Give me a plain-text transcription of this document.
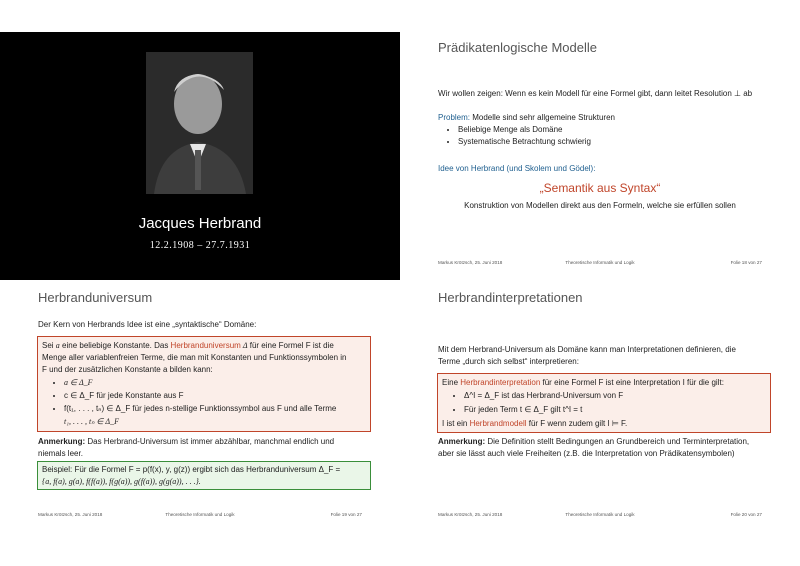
Jacques Herbrand

12.2.1908 – 27.7.1931

Prädikatenlogische Modelle

Wir wollen zeigen: Wenn es kein Modell für eine Formel gibt, dann leitet Resolution ⊥ ab

Problem: Modelle sind sehr allgemeine Strukturen

• Beliebige Menge als Domäne
• Systematische Betrachtung schwierig

Idee von Herbrand (und Skolem und Gödel):

„Semantik aus Syntax“

Konstruktion von Modellen direkt aus den Formeln, welche sie erfüllen sollen

Markus Krötzsch, 25. Juni 2018	Theoretische Informatik und Logik	Folie 18 von 27

Herbranduniversum

Der Kern von Herbrands Idee ist eine „syntaktische“ Domäne:

Sei a eine beliebige Konstante. Das Herbranduniversum Δ für eine Formel F ist die

Menge aller variablenfreien Terme, die man mit Konstanten und Funktionssymbolen in

F und der zusätzlichen Konstante a bilden kann:

• a ∈ Δ_F
• c ∈ Δ_F für jede Konstante aus F
• f(t₁, . . . , tₙ) ∈ Δ_F für jedes n-stellige Funktionssymbol aus F und alle Terme

t₁, . . . , tₙ ∈ Δ_F

Anmerkung: Das Herbrand-Universum ist immer abzählbar, manchmal endlich und

niemals leer.

Beispiel: Für die Formel F = p(f(x), y, g(z)) ergibt sich das Herbranduniversum Δ_F =

{a, f(a), g(a), f(f(a)), f(g(a)), g(f(a)), g(g(a)), . . .}.

Markus Krötzsch, 25. Juni 2018	Theoretische Informatik und Logik	Folie 19 von 27

Herbrandinterpretationen

Mit dem Herbrand-Universum als Domäne kann man Interpretationen definieren, die

Terme „durch sich selbst“ interpretieren:

Eine Herbrandinterpretation für eine Formel F ist eine Interpretation I für die gilt:

• Δ^I = Δ_F ist das Herbrand-Universum von F
• Für jeden Term t ∈ Δ_F gilt t^I = t

I ist ein Herbrandmodell für F wenn zudem gilt I ⊨ F.

Anmerkung: Die Definition stellt Bedingungen an Grundbereich und Terminterpretation,

aber sie lässt auch viele Freiheiten (z.B. die Interpretation von Prädikatensymbolen)

Markus Krötzsch, 25. Juni 2018	Theoretische Informatik und Logik	Folie 20 von 27
